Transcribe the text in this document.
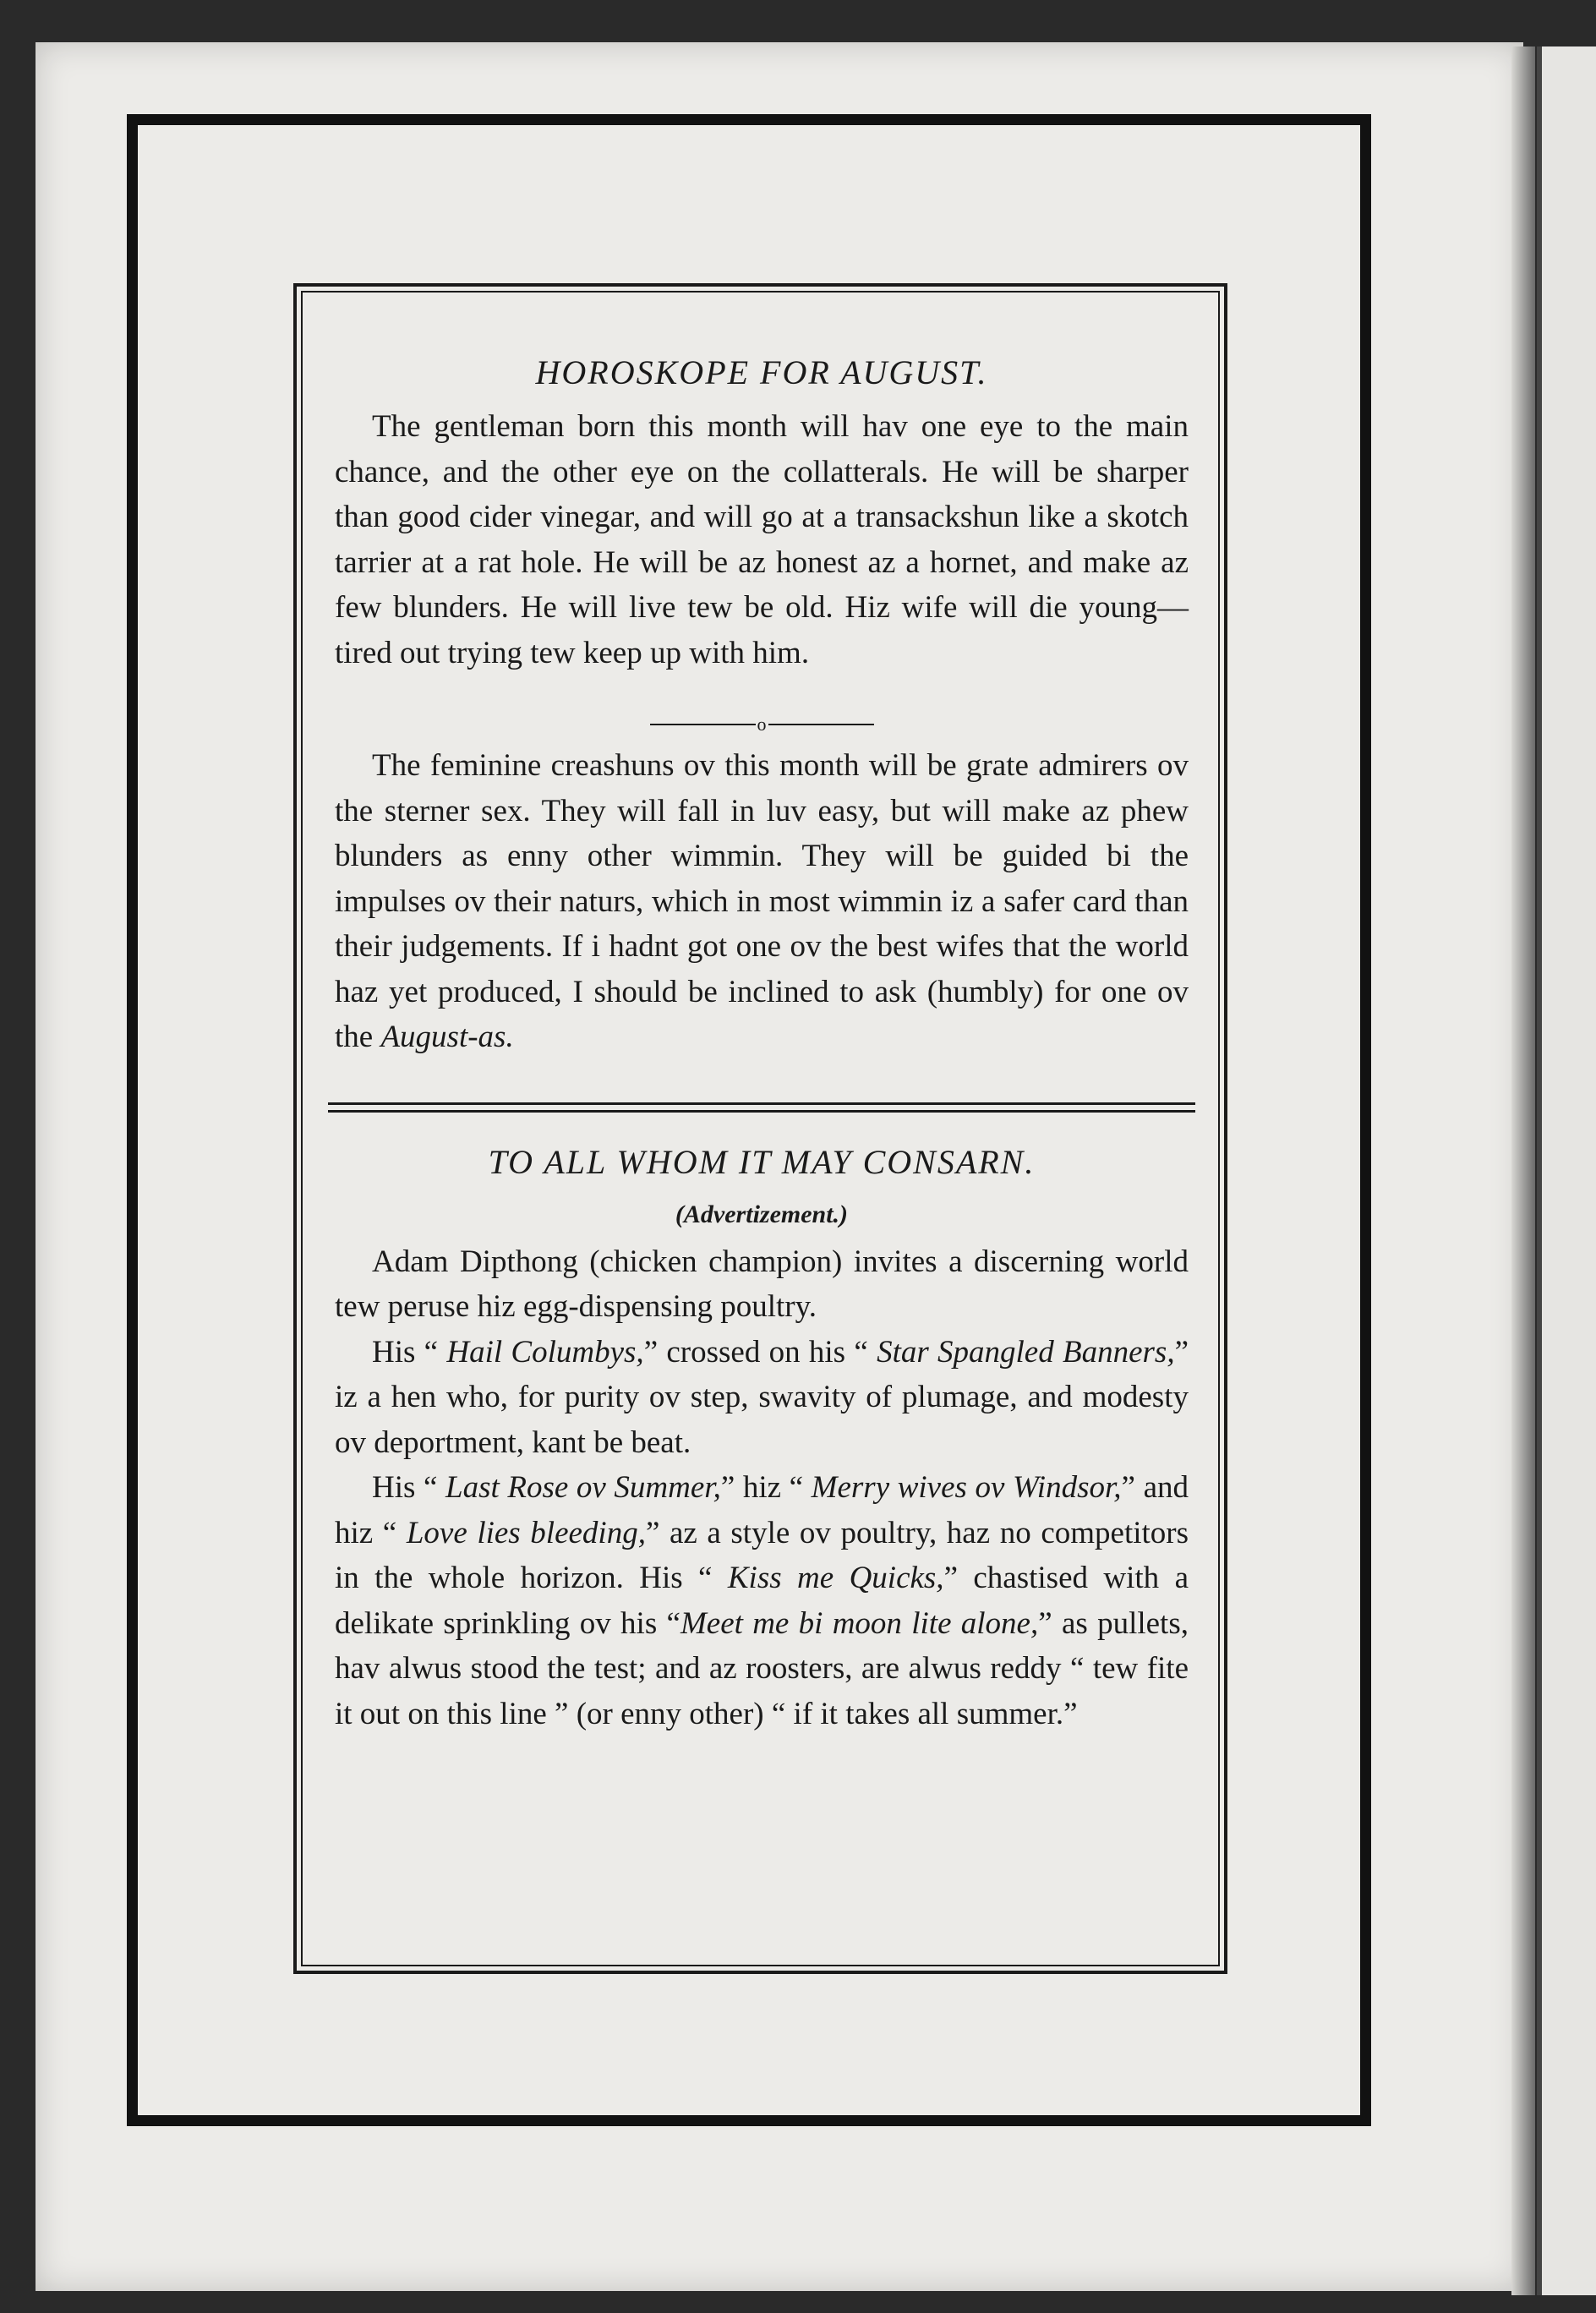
HOROSKOPE FOR AUGUST.

The gentleman born this month will hav one eye to the main chance, and the other eye on the collatterals. He will be sharper than good cider vinegar, and will go at a transackshun like a skotch tarrier at a rat hole. He will be az honest az a hornet, and make az few blunders. He will live tew be old. Hiz wife will die young—tired out trying tew keep up with him.

o

The feminine creashuns ov this month will be grate admirers ov the sterner sex. They will fall in luv easy, but will make az phew blunders as enny other wimmin. They will be guided bi the impulses ov their naturs, which in most wimmin iz a safer card than their judgements. If i hadnt got one ov the best wifes that the world haz yet produced, I should be inclined to ask (humbly) for one ov the August-as.

TO ALL WHOM IT MAY CONSARN.
(Advertizement.)

Adam Dipthong (chicken champion) invites a discerning world tew peruse hiz egg-dispensing poultry.

His “ Hail Columbys,” crossed on his “ Star Spangled Banners,” iz a hen who, for purity ov step, swavity of plumage, and modesty ov deportment, kant be beat.

His “ Last Rose ov Summer,” hiz “ Merry wives ov Windsor,” and hiz “ Love lies bleeding,” az a style ov poultry, haz no competitors in the whole horizon. His “ Kiss me Quicks,” chastised with a delikate sprinkling ov his “Meet me bi moon lite alone,” as pullets, hav alwus stood the test; and az roosters, are alwus reddy “ tew fite it out on this line ” (or enny other) “ if it takes all summer.”
